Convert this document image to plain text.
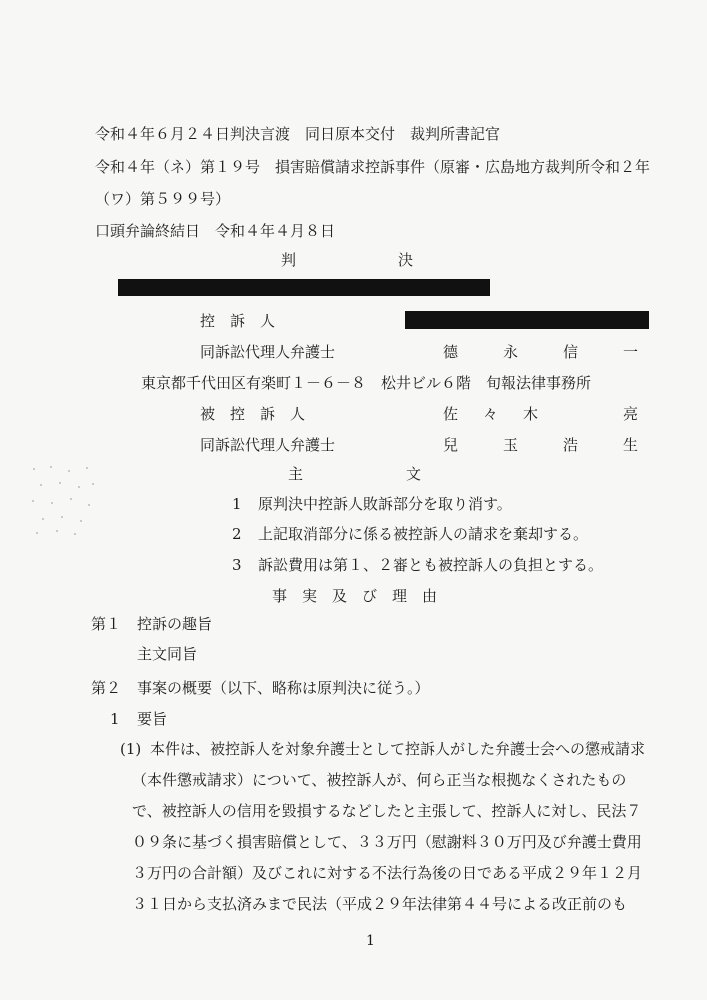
令和４年６月２４日判決言渡　同日原本交付　裁判所書記官
令和４年（ネ）第１９号　損害賠償請求控訴事件（原審・広島地方裁判所令和２年
（ワ）第５９９号）
口頭弁論終結日　令和４年４月８日
判	決
控　訴　人
同訴訟代理人弁護士	德	永	信	一
東京都千代田区有楽町１－６－８　松井ビル６階　旬報法律事務所
被　控　訴　人	佐 々 木	亮
同訴訟代理人弁護士	兒	玉	浩	生
主	文
1 原判決中控訴人敗訴部分を取り消す。
2 上記取消部分に係る被控訴人の請求を棄却する。
3 訴訟費用は第１、２審とも被控訴人の負担とする。
事　実　及　び　理　由
第１ 控訴の趣旨
主文同旨
第２ 事案の概要（以下、略称は原判決に従う。）
1 要旨
(1) 本件は、被控訴人を対象弁護士として控訴人がした弁護士会への懲戒請求
（本件懲戒請求）について、被控訴人が、何ら正当な根拠なくされたもの
で、被控訴人の信用を毀損するなどしたと主張して、控訴人に対し、民法７
０９条に基づく損害賠償として、３３万円（慰謝料３０万円及び弁護士費用
３万円の合計額）及びこれに対する不法行為後の日である平成２９年１２月
３１日から支払済みまで民法（平成２９年法律第４４号による改正前のも
1
